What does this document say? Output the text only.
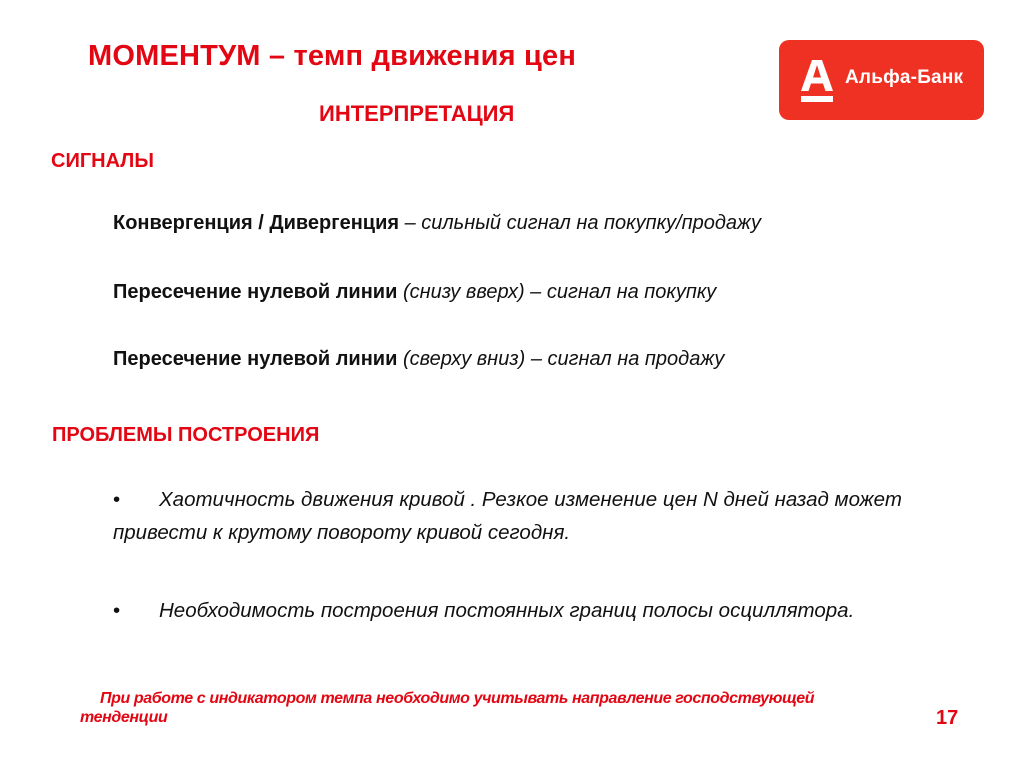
МОМЕНТУМ – темп движения цен
ИНТЕРПРЕТАЦИЯ
Альфа-Банк
СИГНАЛЫ
Конвергенция / Дивергенция – сильный сигнал на покупку/продажу
Пересечение нулевой линии (снизу вверх) – сигнал на покупку
Пересечение нулевой линии (сверху вниз) – сигнал на продажу
ПРОБЛЕМЫ ПОСТРОЕНИЯ
• Хаотичность движения кривой . Резкое изменение цен N дней назад может привести к крутому повороту кривой сегодня.
• Необходимость построения постоянных границ полосы осциллятора.
При работе с индикатором темпа необходимо учитывать направление господствующей тенденции	17
